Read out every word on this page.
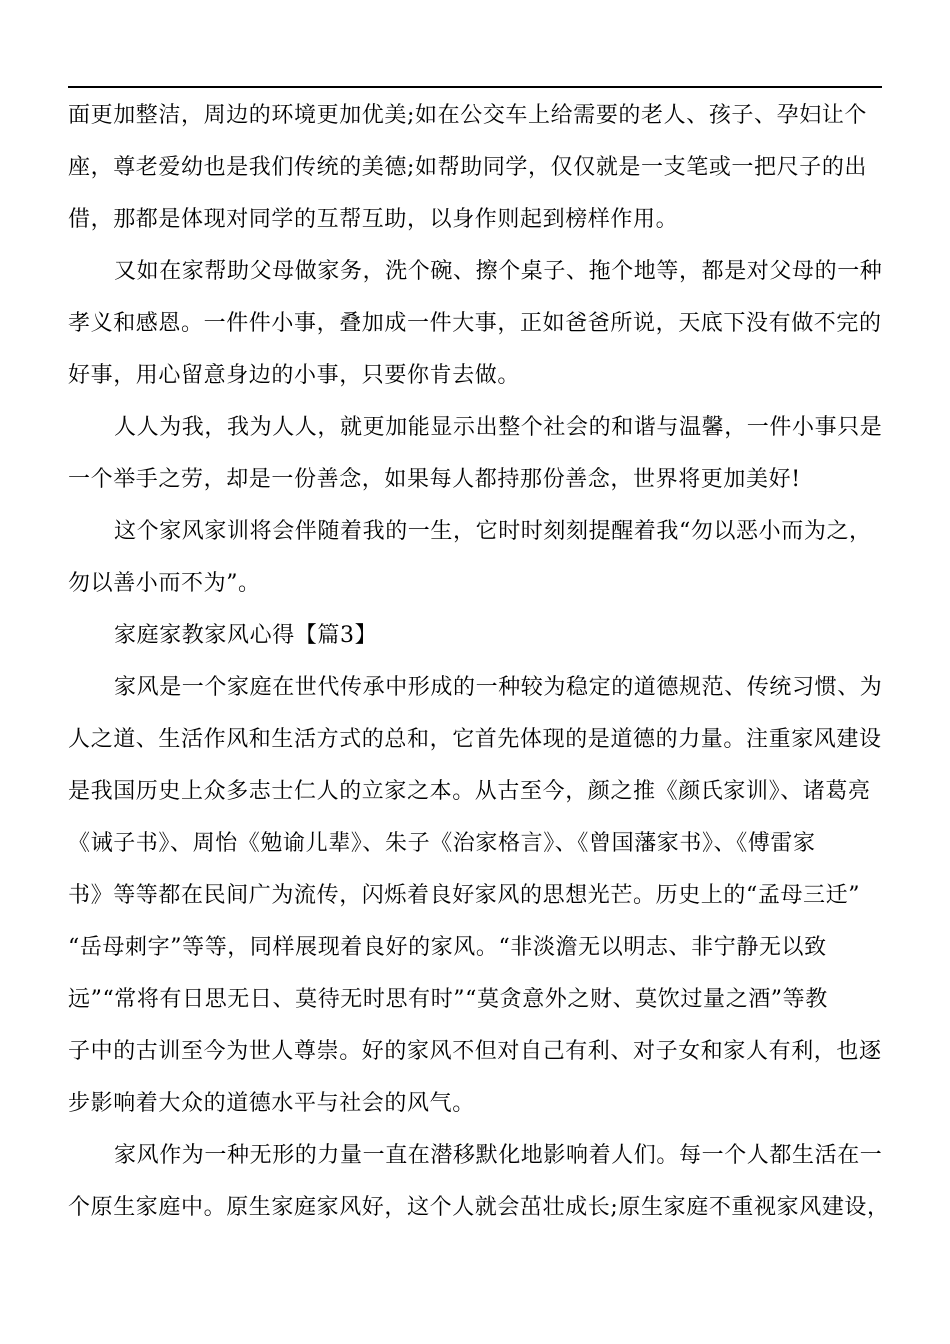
面更加整洁，周边的环境更加优美;如在公交车上给需要的老人、孩子、孕妇让个
座，尊老爱幼也是我们传统的美德;如帮助同学，仅仅就是一支笔或一把尺子的出
借，那都是体现对同学的互帮互助，以身作则起到榜样作用。

又如在家帮助父母做家务，洗个碗、擦个桌子、拖个地等，都是对父母的一种
孝义和感恩。一件件小事，叠加成一件大事，正如爸爸所说，天底下没有做不完的
好事，用心留意身边的小事，只要你肯去做。

人人为我，我为人人，就更加能显示出整个社会的和谐与温馨，一件小事只是
一个举手之劳，却是一份善念，如果每人都持那份善念，世界将更加美好!

这个家风家训将会伴随着我的一生，它时时刻刻提醒着我“勿以恶小而为之，
勿以善小而不为”。

家庭家教家风心得【篇3】

家风是一个家庭在世代传承中形成的一种较为稳定的道德规范、传统习惯、为
人之道、生活作风和生活方式的总和，它首先体现的是道德的力量。注重家风建设
是我国历史上众多志士仁人的立家之本。从古至今，颜之推《颜氏家训》、诸葛亮
《诫子书》、周怡《勉谕儿辈》、朱子《治家格言》、《曾国藩家书》、《傅雷家
书》等等都在民间广为流传，闪烁着良好家风的思想光芒。历史上的“孟母三迁”
“岳母刺字”等等，同样展现着良好的家风。“非淡澹无以明志、非宁静无以致
远”“常将有日思无日、莫待无时思有时”“莫贪意外之财、莫饮过量之酒”等教
子中的古训至今为世人尊崇。好的家风不但对自己有利、对子女和家人有利，也逐
步影响着大众的道德水平与社会的风气。

家风作为一种无形的力量一直在潜移默化地影响着人们。每一个人都生活在一
个原生家庭中。原生家庭家风好，这个人就会茁壮成长;原生家庭不重视家风建设，
